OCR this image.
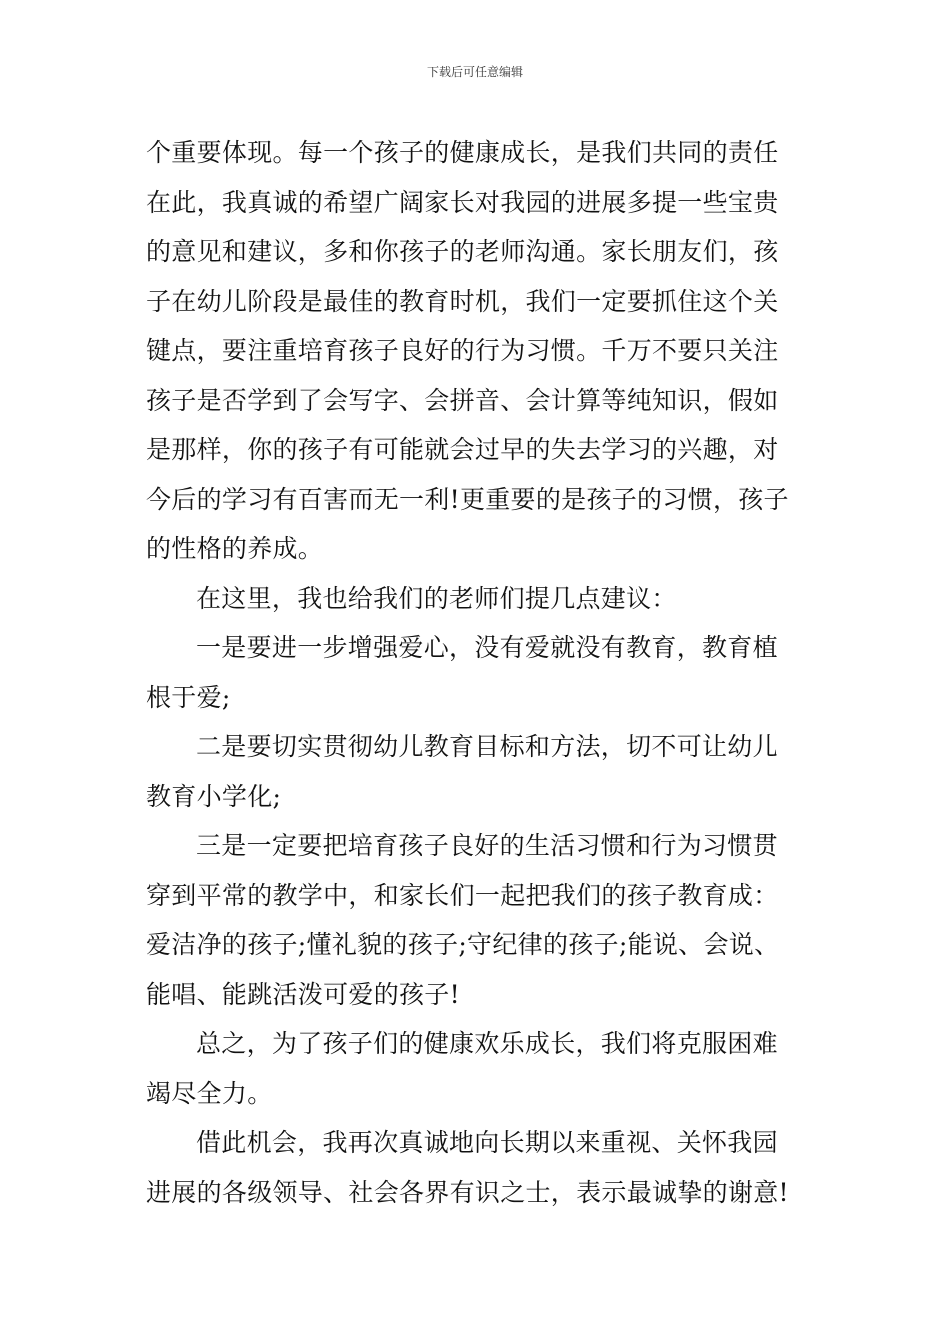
下载后可任意编辑
个重要体现。每一个孩子的健康成长，是我们共同的责任
在此，我真诚的希望广阔家长对我园的进展多提一些宝贵
的意见和建议，多和你孩子的老师沟通。家长朋友们，孩
子在幼儿阶段是最佳的教育时机，我们一定要抓住这个关
键点，要注重培育孩子良好的行为习惯。千万不要只关注
孩子是否学到了会写字、会拼音、会计算等纯知识，假如
是那样，你的孩子有可能就会过早的失去学习的兴趣，对
今后的学习有百害而无一利!更重要的是孩子的习惯，孩子
的性格的养成。
在这里，我也给我们的老师们提几点建议：
一是要进一步增强爱心，没有爱就没有教育，教育植
根于爱;
二是要切实贯彻幼儿教育目标和方法，切不可让幼儿
教育小学化;
三是一定要把培育孩子良好的生活习惯和行为习惯贯
穿到平常的教学中，和家长们一起把我们的孩子教育成：
爱洁净的孩子;懂礼貌的孩子;守纪律的孩子;能说、会说、
能唱、能跳活泼可爱的孩子!
总之，为了孩子们的健康欢乐成长，我们将克服困难
竭尽全力。
借此机会，我再次真诚地向长期以来重视、关怀我园
进展的各级领导、社会各界有识之士，表示最诚挚的谢意!
